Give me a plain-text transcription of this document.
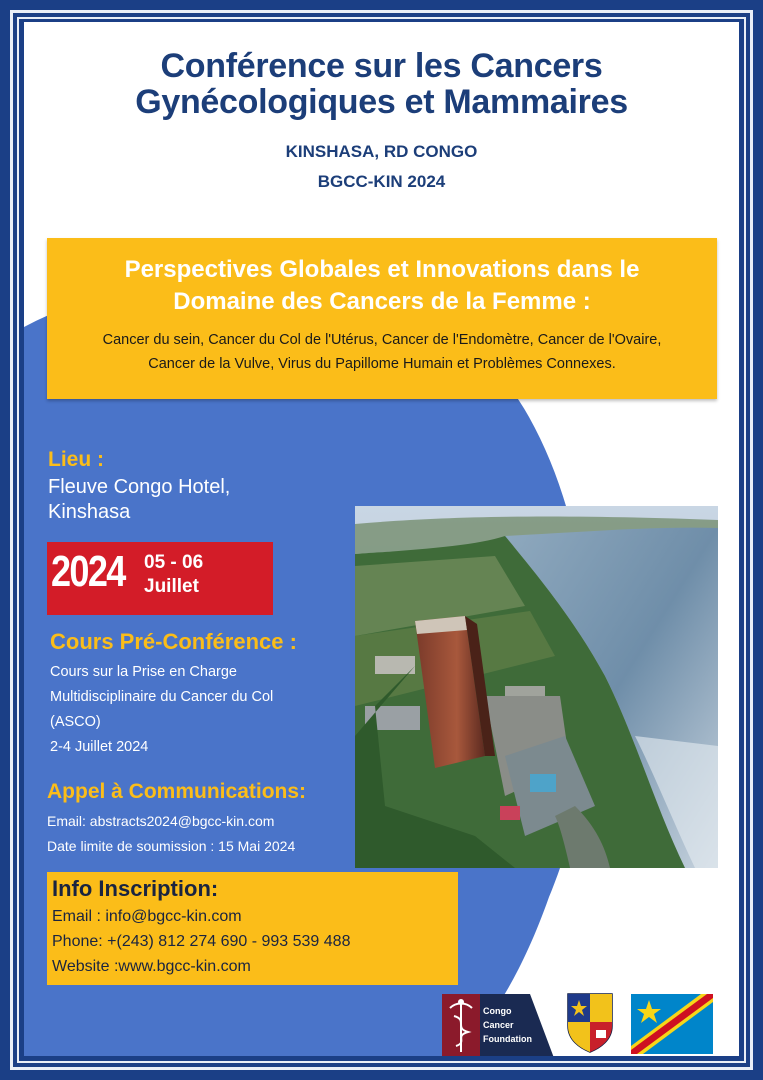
Conférence sur les Cancers
Gynécologiques et Mammaires
KINSHASA, RD CONGO
BGCC-KIN 2024
Perspectives Globales et Innovations dans le
Domaine des Cancers de la Femme :
Cancer du sein, Cancer du Col de l'Utérus, Cancer de l'Endomètre, Cancer de l'Ovaire,
Cancer de la Vulve, Virus du Papillome Humain et Problèmes Connexes.
Lieu :
Fleuve Congo Hotel,
Kinshasa
2024 05 - 06
Juillet
Cours Pré-Conférence :
Cours sur la Prise en Charge
Multidisciplinaire du Cancer du Col
(ASCO)
2-4 Juillet 2024
Appel à Communications:
Email: abstracts2024@bgcc-kin.com
Date limite de soumission : 15 Mai 2024
Info Inscription:
Email : info@bgcc-kin.com
Phone: +(243) 812 274 690 - 993 539 488
Website :www.bgcc-kin.com
Congo
Cancer
Foundation
